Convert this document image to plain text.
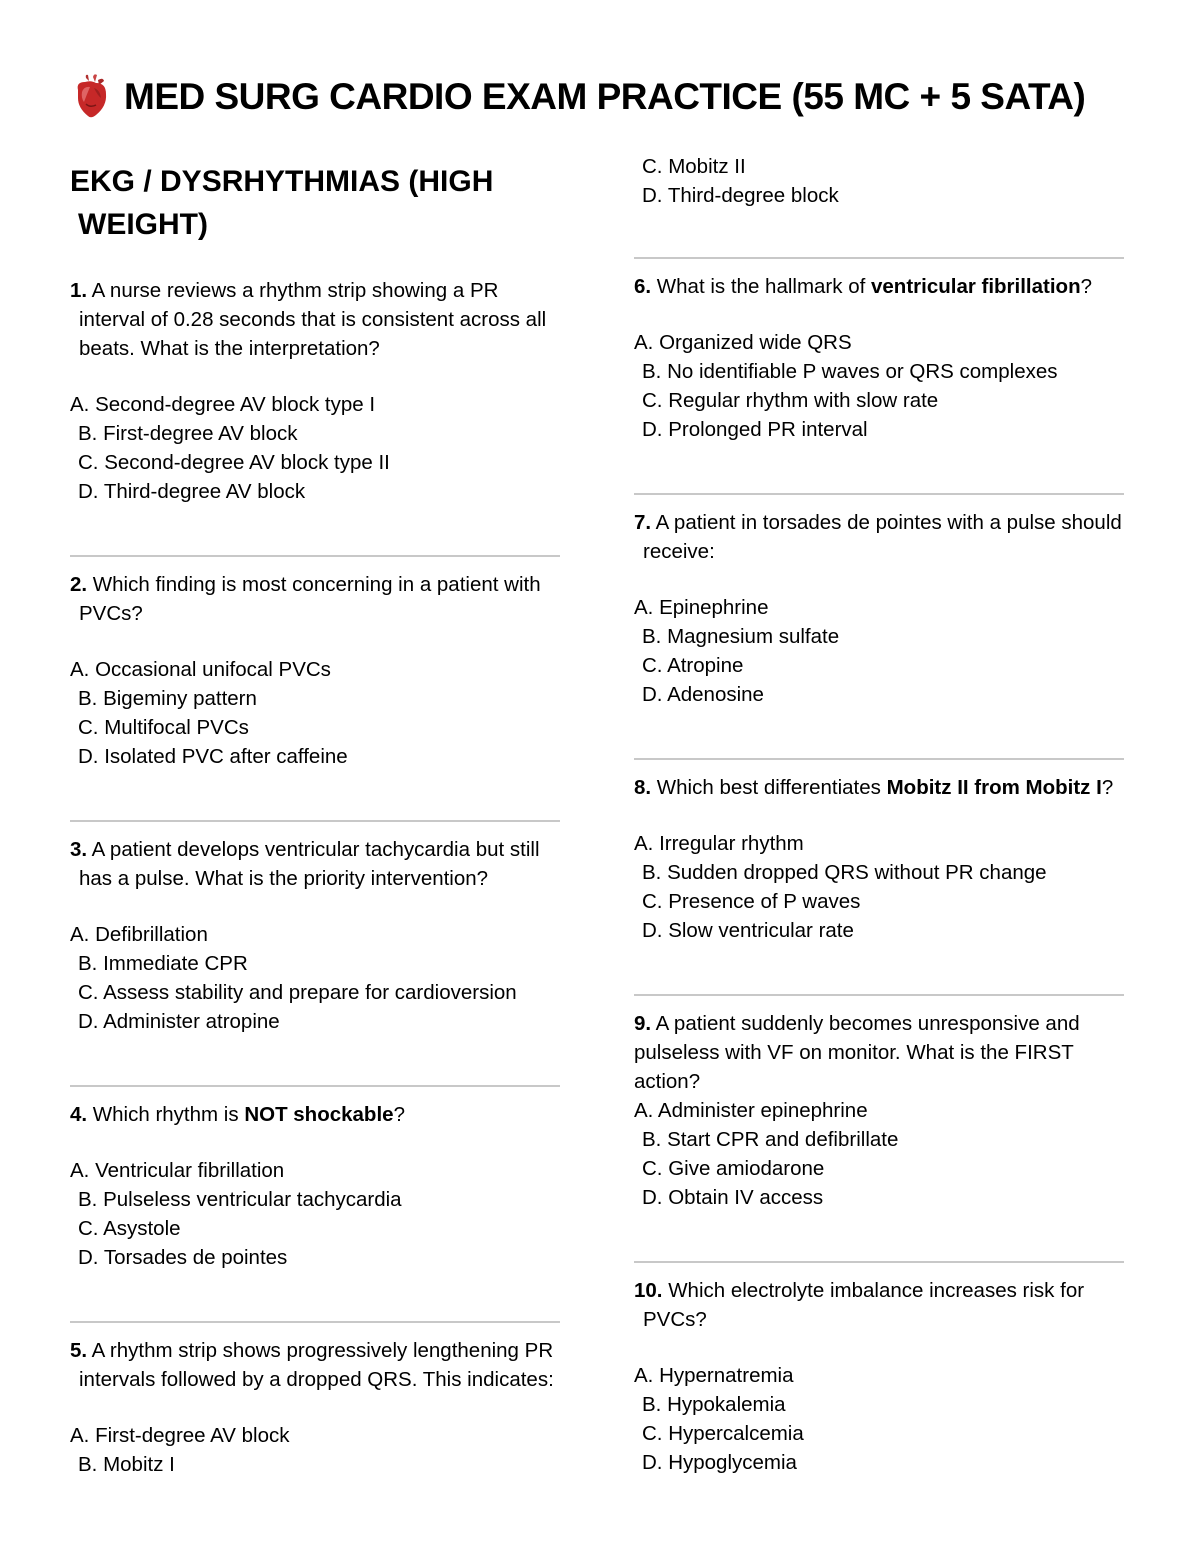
MED SURG CARDIO EXAM PRACTICE (55 MC + 5 SATA)
EKG / DYSRHYTHMIAS (HIGH
WEIGHT)
1. A nurse reviews a rhythm strip showing a PR interval of 0.28 seconds that is consistent across all beats. What is the interpretation?
A. Second-degree AV block type I
B. First-degree AV block
C. Second-degree AV block type II
D. Third-degree AV block
2. Which finding is most concerning in a patient with PVCs?
A. Occasional unifocal PVCs
B. Bigeminy pattern
C. Multifocal PVCs
D. Isolated PVC after caffeine
3. A patient develops ventricular tachycardia but still has a pulse. What is the priority intervention?
A. Defibrillation
B. Immediate CPR
C. Assess stability and prepare for cardioversion
D. Administer atropine
4. Which rhythm is NOT shockable?
A. Ventricular fibrillation
B. Pulseless ventricular tachycardia
C. Asystole
D. Torsades de pointes
5. A rhythm strip shows progressively lengthening PR intervals followed by a dropped QRS. This indicates:
A. First-degree AV block
B. Mobitz I
C. Mobitz II
D. Third-degree block
6. What is the hallmark of ventricular fibrillation?
A. Organized wide QRS
B. No identifiable P waves or QRS complexes
C. Regular rhythm with slow rate
D. Prolonged PR interval
7. A patient in torsades de pointes with a pulse should receive:
A. Epinephrine
B. Magnesium sulfate
C. Atropine
D. Adenosine
8. Which best differentiates Mobitz II from Mobitz I?
A. Irregular rhythm
B. Sudden dropped QRS without PR change
C. Presence of P waves
D. Slow ventricular rate
9. A patient suddenly becomes unresponsive and pulseless with VF on monitor. What is the FIRST action?
A. Administer epinephrine
B. Start CPR and defibrillate
C. Give amiodarone
D. Obtain IV access
10. Which electrolyte imbalance increases risk for PVCs?
A. Hypernatremia
B. Hypokalemia
C. Hypercalcemia
D. Hypoglycemia
